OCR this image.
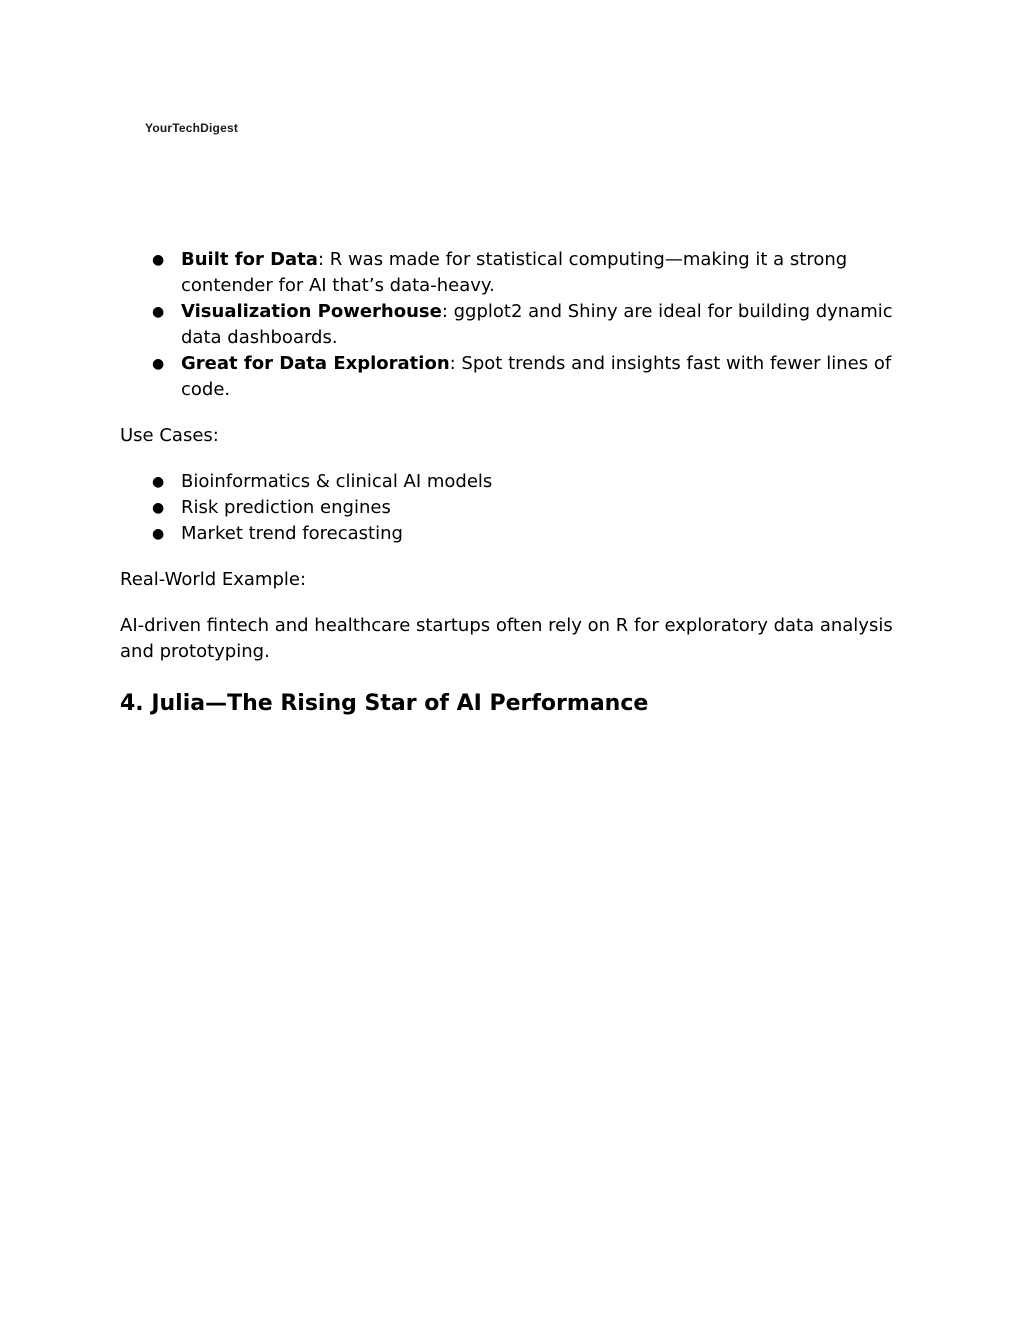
YourTechDigest
● Built for Data: R was made for statistical computing—making it a strong contender for AI that’s data-heavy.
● Visualization Powerhouse: ggplot2 and Shiny are ideal for building dynamic data dashboards.
● Great for Data Exploration: Spot trends and insights fast with fewer lines of code.

Use Cases:

● Bioinformatics & clinical AI models
● Risk prediction engines
● Market trend forecasting

Real-World Example:

AI-driven fintech and healthcare startups often rely on R for exploratory data analysis and prototyping.

4. Julia—The Rising Star of AI Performance
